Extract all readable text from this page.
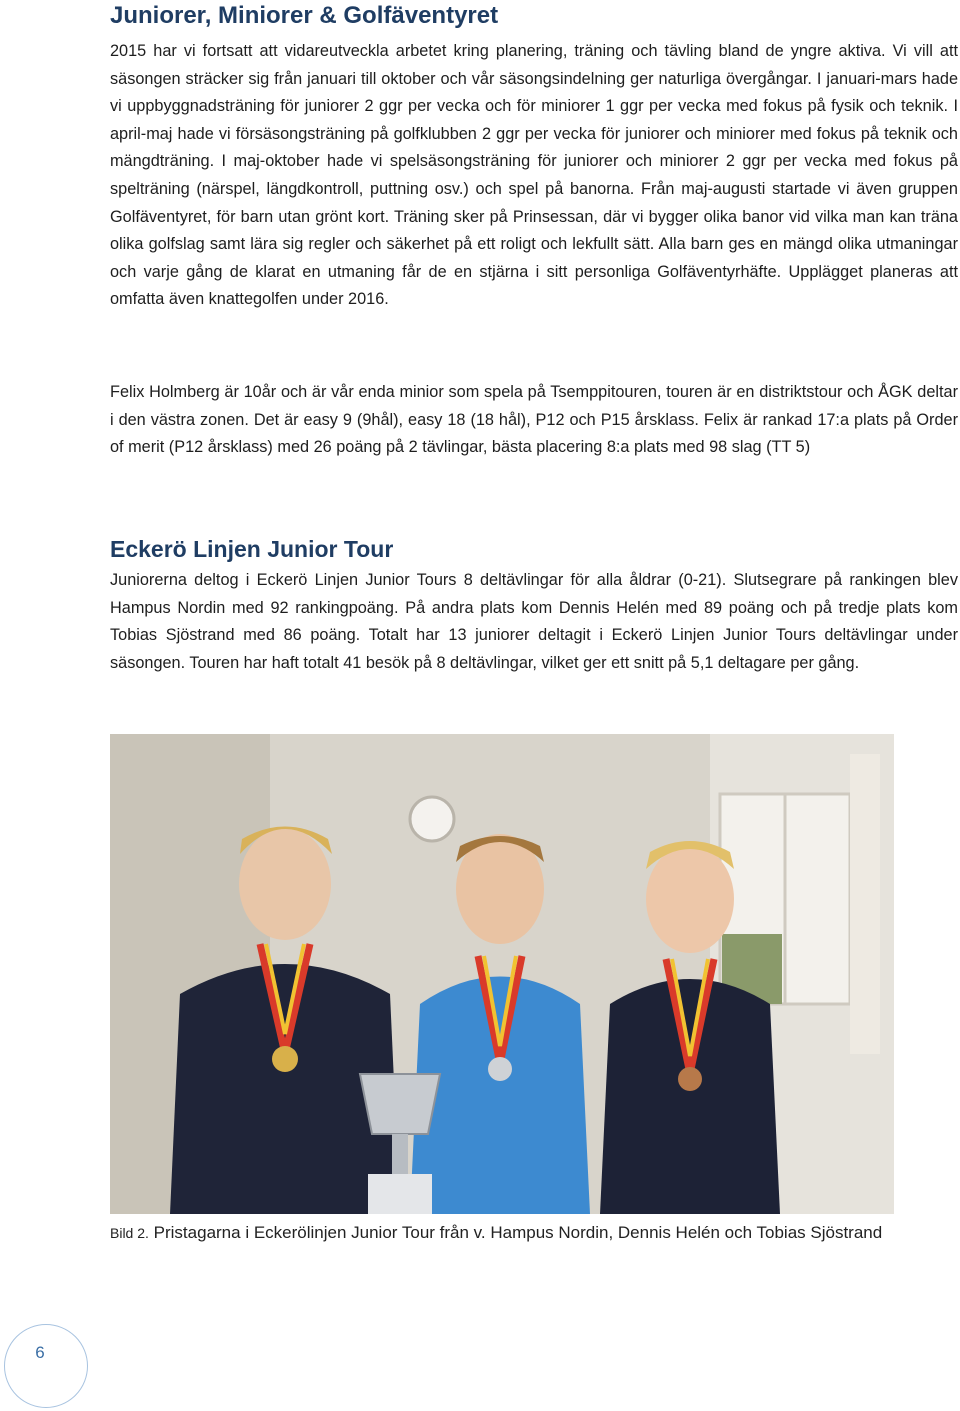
Juniorer, Miniorer & Golfäventyret

2015 har vi fortsatt att vidareutveckla arbetet kring planering, träning och tävling bland de yngre aktiva. Vi vill att säsongen sträcker sig från januari till oktober och vår säsongsindelning ger naturliga övergångar. I januari-mars hade vi uppbyggnadsträning för juniorer 2 ggr per vecka och för miniorer 1 ggr per vecka med fokus på fysik och teknik. I april-maj hade vi försäsongsträning på golfklubben 2 ggr per vecka för juniorer och miniorer med fokus på teknik och mängdträning. I maj-oktober hade vi spelsäsongsträning för juniorer och miniorer 2 ggr per vecka med fokus på spelträning (närspel, längdkontroll, puttning osv.) och spel på banorna. Från maj-augusti startade vi även gruppen Golfäventyret, för barn utan grönt kort. Träning sker på Prinsessan, där vi bygger olika banor vid vilka man kan träna olika golfslag samt lära sig regler och säkerhet på ett roligt och lekfullt sätt. Alla barn ges en mängd olika utmaningar och varje gång de klarat en utmaning får de en stjärna i sitt personliga Golfäventyrhäfte. Upplägget planeras att omfatta även knattegolfen under 2016.

Felix Holmberg är 10år och är vår enda minior som spela på Tsemppitouren, touren är en distriktstour och ÅGK deltar i den västra zonen. Det är easy 9 (9hål), easy 18 (18 hål), P12 och P15 årsklass. Felix är rankad 17:a plats på Order of merit (P12 årsklass) med 26 poäng på 2 tävlingar, bästa placering 8:a plats med 98 slag (TT 5)

Eckerö Linjen Junior Tour

Juniorerna deltog i Eckerö Linjen Junior Tours 8 deltävlingar för alla åldrar (0-21). Slutsegrare på rankingen blev Hampus Nordin med 92 rankingpoäng. På andra plats kom Dennis Helén med 89 poäng och på tredje plats kom Tobias Sjöstrand med 86 poäng. Totalt har 13 juniorer deltagit i Eckerö Linjen Junior Tours deltävlingar under säsongen. Touren har haft totalt 41 besök på 8 deltävlingar, vilket ger ett snitt på 5,1 deltagare per gång.

Bild 2. Pristagarna i Eckerölinjen Junior Tour från v. Hampus Nordin, Dennis Helén och Tobias Sjöstrand

6
